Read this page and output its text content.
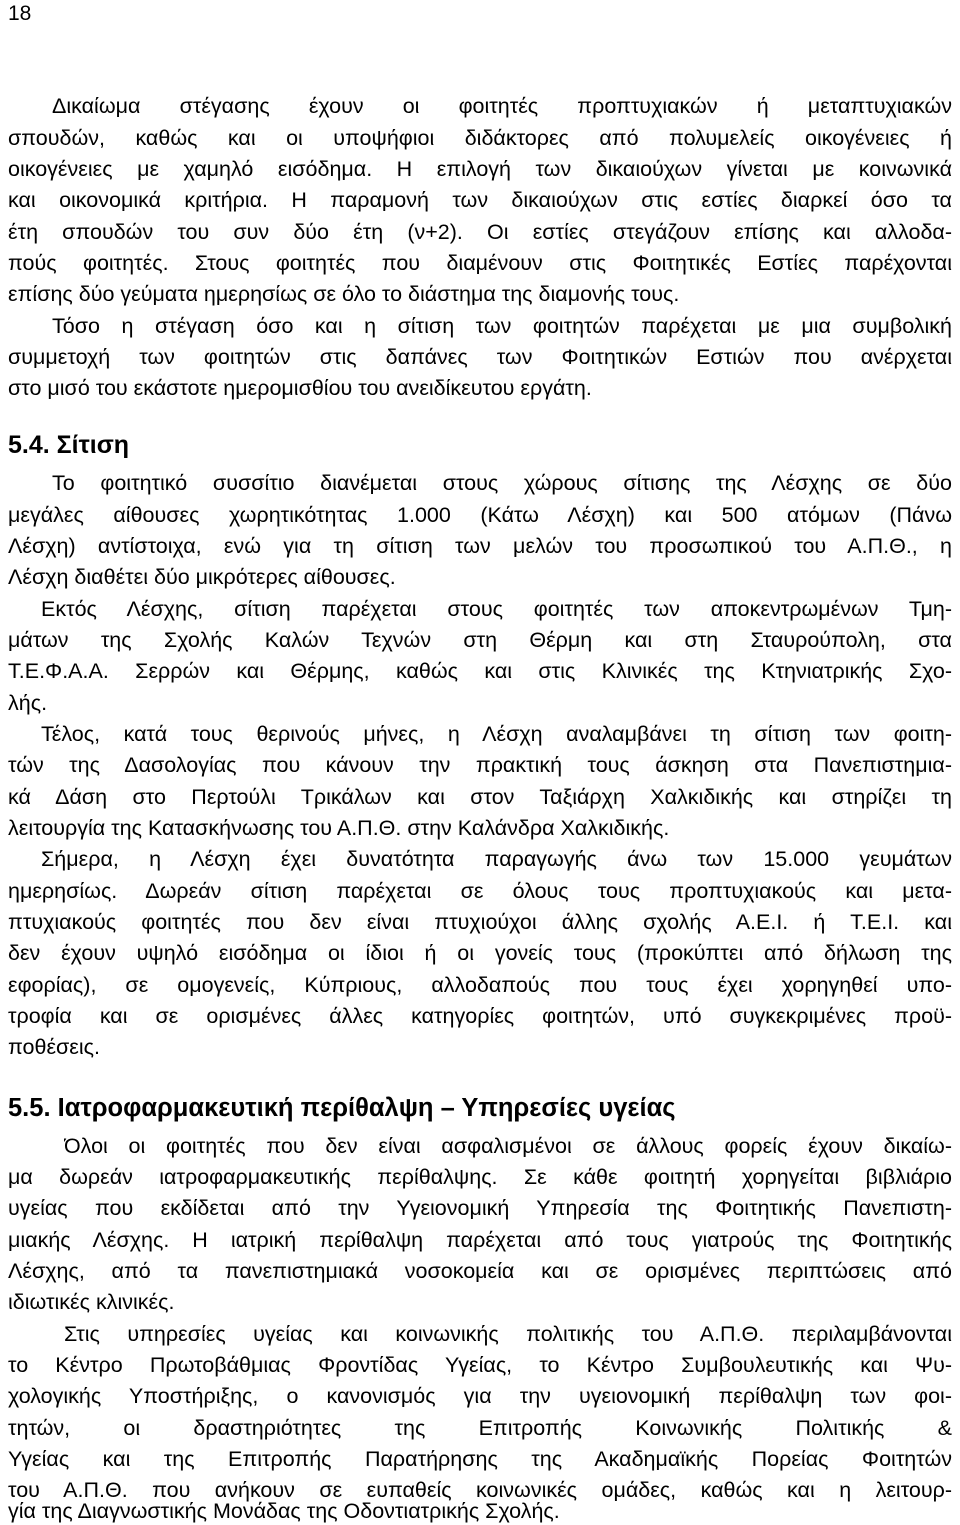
18
Δικαίωμα στέγασης έχουν οι φοιτητές προπτυχιακών ή μεταπτυχιακών
σπουδών, καθώς και οι υποψήφιοι διδάκτορες από πολυμελείς οικογένειες ή
οικογένειες με χαμηλό εισόδημα. Η επιλογή των δικαιούχων γίνεται με κοινωνικά
και οικονομικά κριτήρια. Η παραμονή των δικαιούχων στις εστίες διαρκεί όσο τα
έτη σπουδών του συν δύο έτη (ν+2). Οι εστίες στεγάζουν επίσης και αλλοδα-
πούς φοιτητές. Στους φοιτητές που διαμένουν στις Φοιτητικές Εστίες παρέχονται
επίσης δύο γεύματα ημερησίως σε όλο το διάστημα της διαμονής τους.
Τόσο η στέγαση όσο και η σίτιση των φοιτητών παρέχεται με μια συμβολική
συμμετοχή των φοιτητών στις δαπάνες των Φοιτητικών Εστιών που ανέρχεται
στο μισό του εκάστοτε ημερομισθίου του ανειδίκευτου εργάτη.
5.4. Σίτιση
Το φοιτητικό συσσίτιο διανέμεται στους χώρους σίτισης της Λέσχης σε δύο
μεγάλες αίθουσες χωρητικότητας 1.000 (Κάτω Λέσχη) και 500 ατόμων (Πάνω
Λέσχη) αντίστοιχα, ενώ για τη σίτιση των μελών του προσωπικού του Α.Π.Θ., η
Λέσχη διαθέτει δύο μικρότερες αίθουσες.
Εκτός Λέσχης, σίτιση παρέχεται στους φοιτητές των αποκεντρωμένων Τμη-
μάτων της Σχολής Καλών Τεχνών στη Θέρμη και στη Σταυρούπολη, στα
Τ.Ε.Φ.Α.Α. Σερρών και Θέρμης, καθώς και στις Κλινικές της Κτηνιατρικής Σχο-
λής.
Τέλος, κατά τους θερινούς μήνες, η Λέσχη αναλαμβάνει τη σίτιση των φοιτη-
τών της Δασολογίας που κάνουν την πρακτική τους άσκηση στα Πανεπιστημια-
κά Δάση στο Περτούλι Τρικάλων και στον Ταξιάρχη Χαλκιδικής και στηρίζει τη
λειτουργία της Κατασκήνωσης του Α.Π.Θ. στην Καλάνδρα Χαλκιδικής.
Σήμερα, η Λέσχη έχει δυνατότητα παραγωγής άνω των 15.000 γευμάτων
ημερησίως. Δωρεάν σίτιση παρέχεται σε όλους τους προπτυχιακούς και μετα-
πτυχιακούς φοιτητές που δεν είναι πτυχιούχοι άλλης σχολής Α.Ε.Ι. ή Τ.Ε.Ι. και
δεν έχουν υψηλό εισόδημα οι ίδιοι ή οι γονείς τους (προκύπτει από δήλωση της
εφορίας), σε ομογενείς, Κύπριους, αλλοδαπούς που τους έχει χορηγηθεί υπο-
τροφία και σε ορισμένες άλλες κατηγορίες φοιτητών, υπό συγκεκριμένες προϋ-
ποθέσεις.
5.5. Ιατροφαρμακευτική περίθαλψη – Υπηρεσίες υγείας
Όλοι οι φοιτητές που δεν είναι ασφαλισμένοι σε άλλους φορείς έχουν δικαίω-
μα δωρεάν ιατροφαρμακευτικής περίθαλψης. Σε κάθε φοιτητή χορηγείται βιβλιάριο
υγείας που εκδίδεται από την Υγειονομική Υπηρεσία της Φοιτητικής Πανεπιστη-
μιακής Λέσχης. Η ιατρική περίθαλψη παρέχεται από τους γιατρούς της Φοιτητικής
Λέσχης, από τα πανεπιστημιακά νοσοκομεία και σε ορισμένες περιπτώσεις από
ιδιωτικές κλινικές.
Στις υπηρεσίες υγείας και κοινωνικής πολιτικής του Α.Π.Θ. περιλαμβάνονται
το Κέντρο Πρωτοβάθμιας Φροντίδας Υγείας, το Κέντρο Συμβουλευτικής και Ψυ-
χολογικής Υποστήριξης, ο κανονισμός για την υγειονομική περίθαλψη των φοι-
τητών, οι δραστηριότητες της Επιτροπής Κοινωνικής Πολιτικής &
Υγείας και της Επιτροπής Παρατήρησης της Ακαδημαϊκής Πορείας Φοιτητών
του Α.Π.Θ. που ανήκουν σε ευπαθείς κοινωνικές ομάδες, καθώς και η λειτουρ-
γία της Διαγνωστικής Μονάδας της Οδοντιατρικής Σχολής.
